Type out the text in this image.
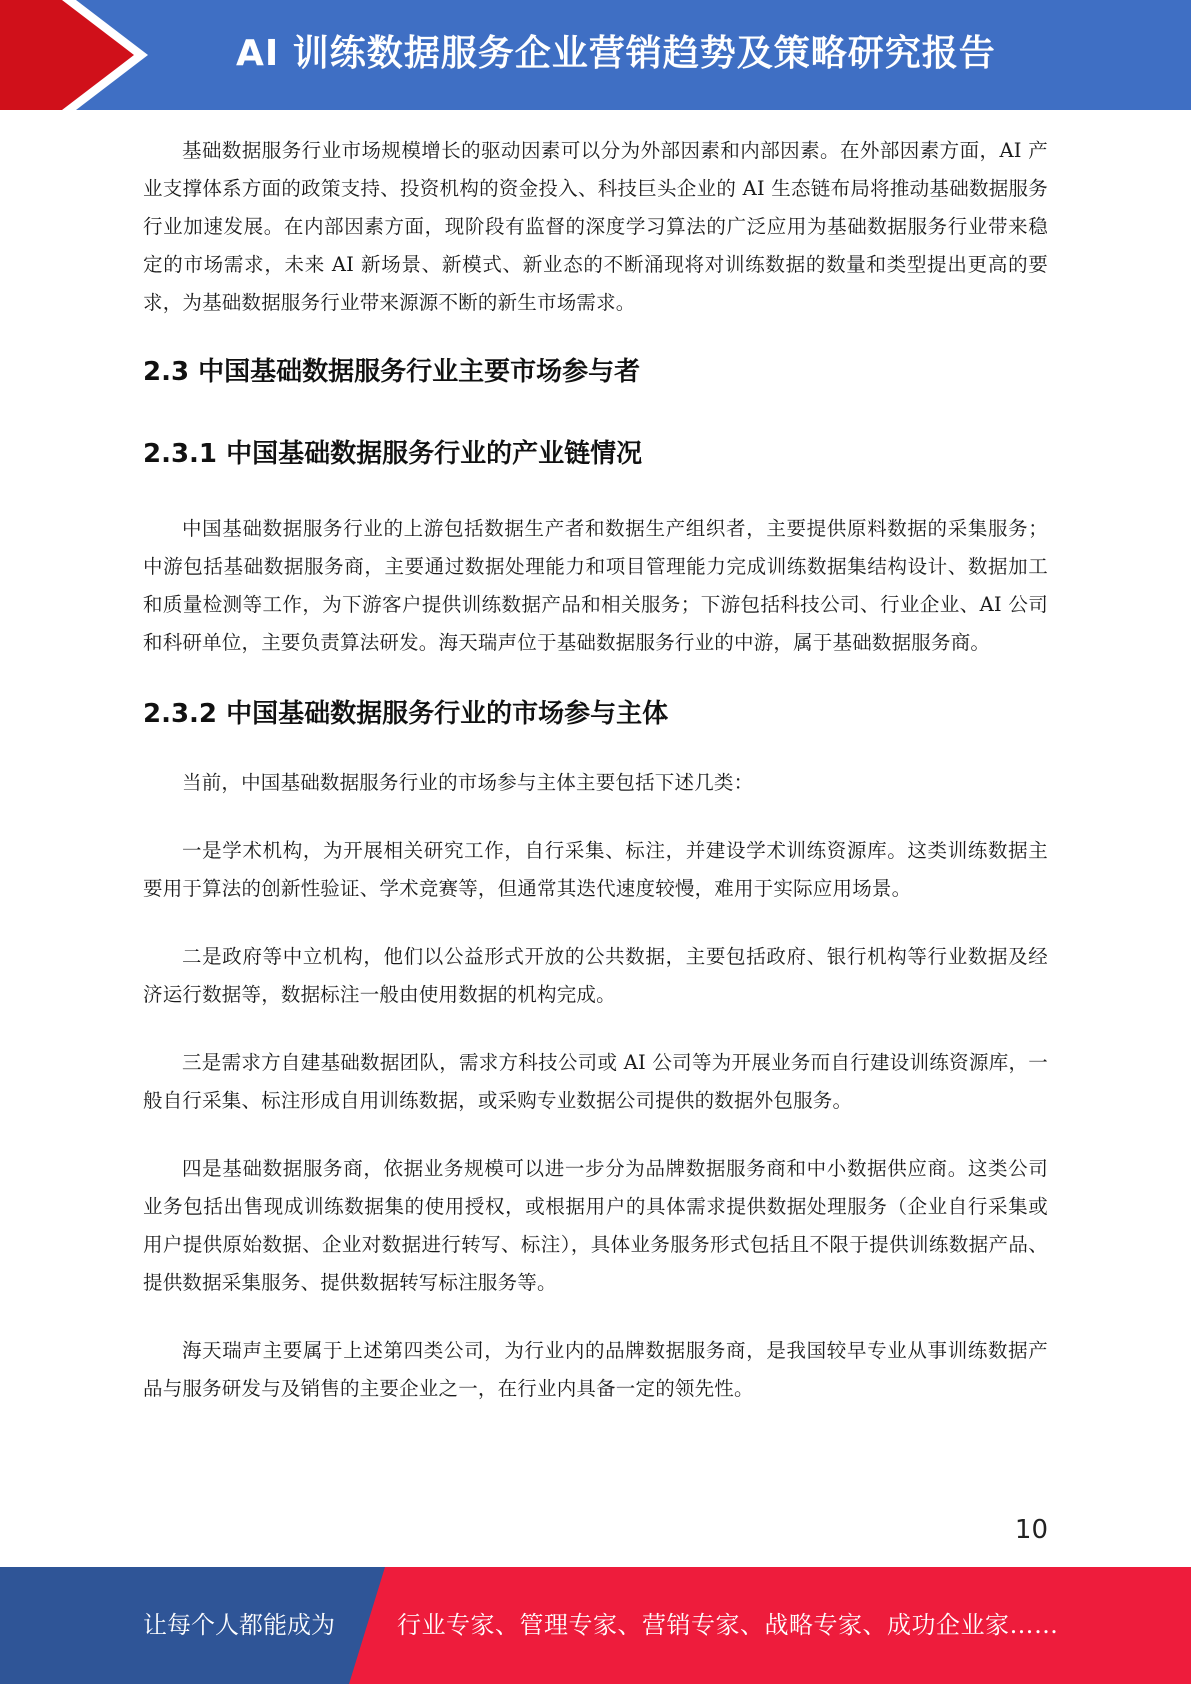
AI 训练数据服务企业营销趋势及策略研究报告

基础数据服务行业市场规模增长的驱动因素可以分为外部因素和内部因素。在外部因素方面，AI 产业支撑体系方面的政策支持、投资机构的资金投入、科技巨头企业的 AI 生态链布局将推动基础数据服务行业加速发展。在内部因素方面，现阶段有监督的深度学习算法的广泛应用为基础数据服务行业带来稳定的市场需求，未来 AI 新场景、新模式、新业态的不断涌现将对训练数据的数量和类型提出更高的要求，为基础数据服务行业带来源源不断的新生市场需求。

2.3 中国基础数据服务行业主要市场参与者
2.3.1 中国基础数据服务行业的产业链情况

中国基础数据服务行业的上游包括数据生产者和数据生产组织者，主要提供原料数据的采集服务；中游包括基础数据服务商，主要通过数据处理能力和项目管理能力完成训练数据集结构设计、数据加工和质量检测等工作，为下游客户提供训练数据产品和相关服务；下游包括科技公司、行业企业、AI 公司和科研单位，主要负责算法研发。海天瑞声位于基础数据服务行业的中游，属于基础数据服务商。

2.3.2 中国基础数据服务行业的市场参与主体

当前，中国基础数据服务行业的市场参与主体主要包括下述几类：

一是学术机构，为开展相关研究工作，自行采集、标注，并建设学术训练资源库。这类训练数据主要用于算法的创新性验证、学术竞赛等，但通常其迭代速度较慢，难用于实际应用场景。

二是政府等中立机构，他们以公益形式开放的公共数据，主要包括政府、银行机构等行业数据及经济运行数据等，数据标注一般由使用数据的机构完成。

三是需求方自建基础数据团队，需求方科技公司或 AI 公司等为开展业务而自行建设训练资源库，一般自行采集、标注形成自用训练数据，或采购专业数据公司提供的数据外包服务。

四是基础数据服务商，依据业务规模可以进一步分为品牌数据服务商和中小数据供应商。这类公司业务包括出售现成训练数据集的使用授权，或根据用户的具体需求提供数据处理服务（企业自行采集或用户提供原始数据、企业对数据进行转写、标注），具体业务服务形式包括且不限于提供训练数据产品、提供数据采集服务、提供数据转写标注服务等。

海天瑞声主要属于上述第四类公司，为行业内的品牌数据服务商，是我国较早专业从事训练数据产品与服务研发与及销售的主要企业之一，在行业内具备一定的领先性。

10
让每个人都能成为	行业专家、管理专家、营销专家、战略专家、成功企业家……
